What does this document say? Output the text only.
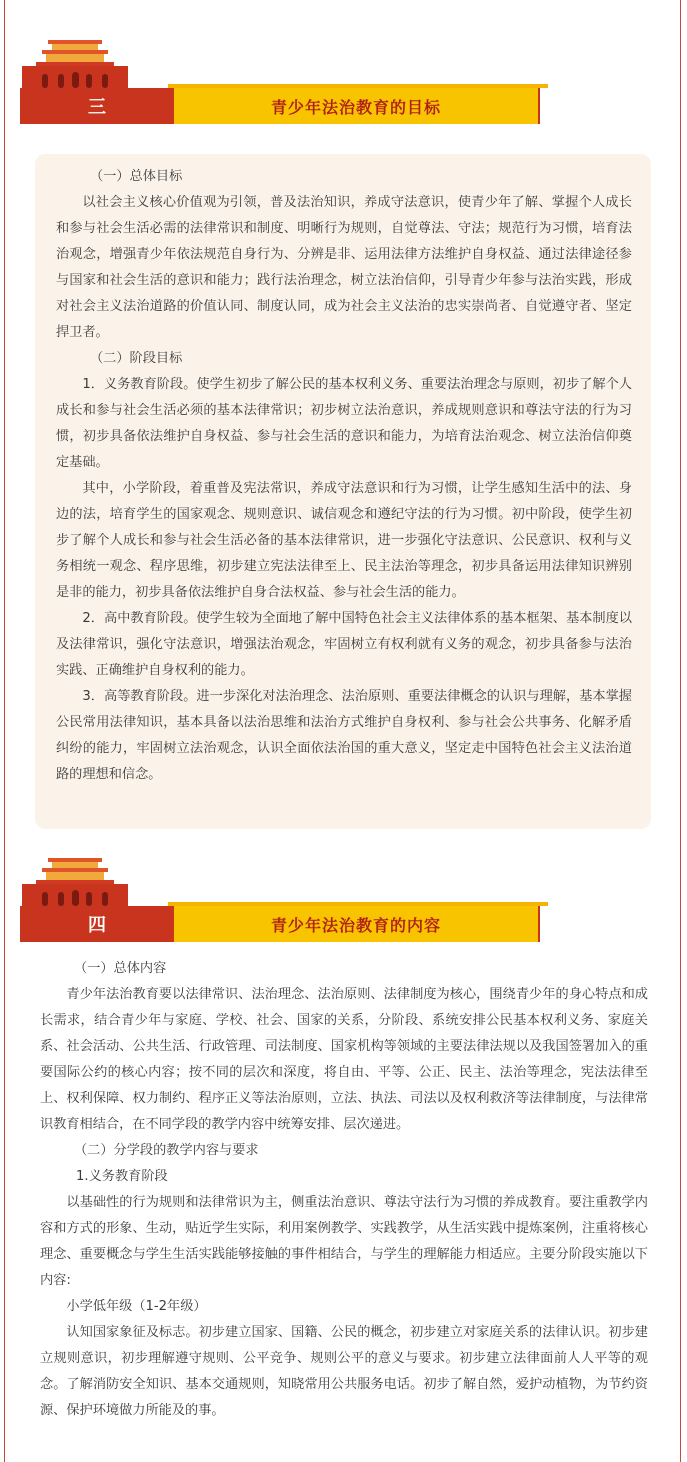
三	青少年法治教育的目标

（一）总体目标

以社会主义核心价值观为引领，普及法治知识，养成守法意识，使青少年了解、掌握个人成长和参与社会生活必需的法律常识和制度、明晰行为规则，自觉尊法、守法；规范行为习惯，培育法治观念，增强青少年依法规范自身行为、分辨是非、运用法律方法维护自身权益、通过法律途径参与国家和社会生活的意识和能力；践行法治理念，树立法治信仰，引导青少年参与法治实践，形成对社会主义法治道路的价值认同、制度认同，成为社会主义法治的忠实崇尚者、自觉遵守者、坚定捍卫者。

（二）阶段目标

1．义务教育阶段。使学生初步了解公民的基本权利义务、重要法治理念与原则，初步了解个人成长和参与社会生活必须的基本法律常识；初步树立法治意识，养成规则意识和尊法守法的行为习惯，初步具备依法维护自身权益、参与社会生活的意识和能力，为培育法治观念、树立法治信仰奠定基础。

其中，小学阶段，着重普及宪法常识，养成守法意识和行为习惯，让学生感知生活中的法、身边的法，培育学生的国家观念、规则意识、诚信观念和遵纪守法的行为习惯。初中阶段，使学生初步了解个人成长和参与社会生活必备的基本法律常识，进一步强化守法意识、公民意识、权利与义务相统一观念、程序思维，初步建立宪法法律至上、民主法治等理念，初步具备运用法律知识辨别是非的能力，初步具备依法维护自身合法权益、参与社会生活的能力。

2．高中教育阶段。使学生较为全面地了解中国特色社会主义法律体系的基本框架、基本制度以及法律常识，强化守法意识，增强法治观念，牢固树立有权利就有义务的观念，初步具备参与法治实践、正确维护自身权利的能力。

3．高等教育阶段。进一步深化对法治理念、法治原则、重要法律概念的认识与理解，基本掌握公民常用法律知识，基本具备以法治思维和法治方式维护自身权利、参与社会公共事务、化解矛盾纠纷的能力，牢固树立法治观念，认识全面依法治国的重大意义，坚定走中国特色社会主义法治道路的理想和信念。

四	青少年法治教育的内容

（一）总体内容

青少年法治教育要以法律常识、法治理念、法治原则、法律制度为核心，围绕青少年的身心特点和成长需求，结合青少年与家庭、学校、社会、国家的关系，分阶段、系统安排公民基本权利义务、家庭关系、社会活动、公共生活、行政管理、司法制度、国家机构等领域的主要法律法规以及我国签署加入的重要国际公约的核心内容；按不同的层次和深度，将自由、平等、公正、民主、法治等理念，宪法法律至上、权利保障、权力制约、程序正义等法治原则，立法、执法、司法以及权利救济等法律制度，与法律常识教育相结合，在不同学段的教学内容中统筹安排、层次递进。

（二）分学段的教学内容与要求

1.义务教育阶段

以基础性的行为规则和法律常识为主，侧重法治意识、尊法守法行为习惯的养成教育。要注重教学内容和方式的形象、生动，贴近学生实际，利用案例教学、实践教学，从生活实践中提炼案例，注重将核心理念、重要概念与学生生活实践能够接触的事件相结合，与学生的理解能力相适应。主要分阶段实施以下内容:

小学低年级（1-2年级）

认知国家象征及标志。初步建立国家、国籍、公民的概念，初步建立对家庭关系的法律认识。初步建立规则意识，初步理解遵守规则、公平竞争、规则公平的意义与要求。初步建立法律面前人人平等的观念。了解消防安全知识、基本交通规则，知晓常用公共服务电话。初步了解自然，爱护动植物，为节约资源、保护环境做力所能及的事。
